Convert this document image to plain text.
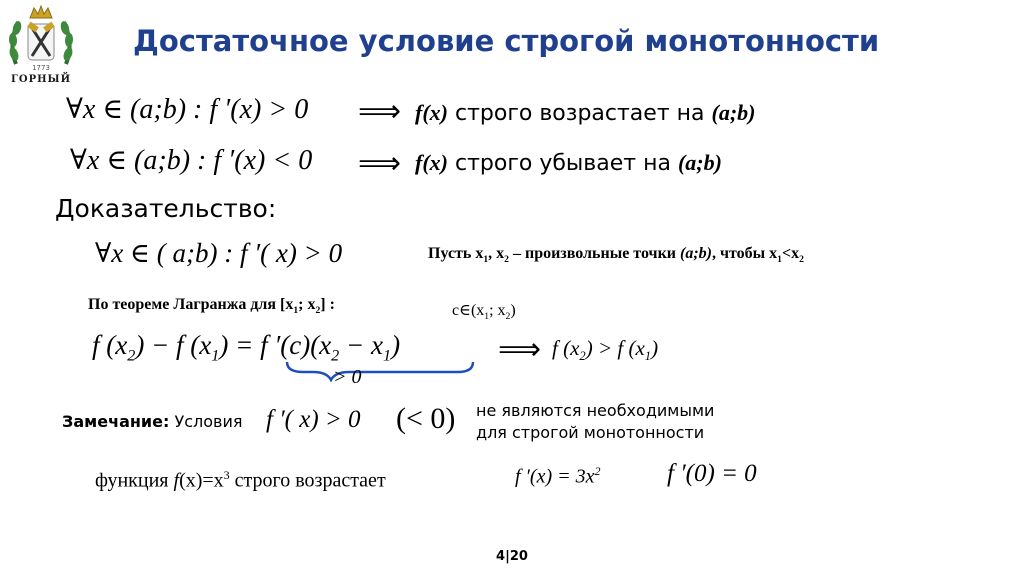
1773
ГОРНЫЙ
Достаточное условие строгой монотонности
∀x ∈ (a;b) : f ′(x) > 0 ⟹ f(x) строго возрастает на (a;b)
∀x ∈ (a;b) : f ′(x) < 0 ⟹ f(x) строго убывает на (a;b)
Доказательство:
∀x ∈ ( a;b) : f ′( x) > 0	Пусть $x_1$, $x_2$ – произвольные точки (a;b), чтобы $x_1<x_2$
По теореме Лагранжа для [$x_1$; $x_2$] :	$c\in(x_1$; $x_2$)
f $(x_2) - f$ $(x_1) = f$ $'(c)(x_2 - x_1)$	⟹ f $(x_2) > f$ $(x_1)$
> 0
Замечание: Условия f ′( x) > 0 (< 0) не являются необходимыми
для строгой монотонности
функция $f(x)=x^3$ строго возрастает	f $'(x) = 3x^2$	f ′(0) = 0
4|20
